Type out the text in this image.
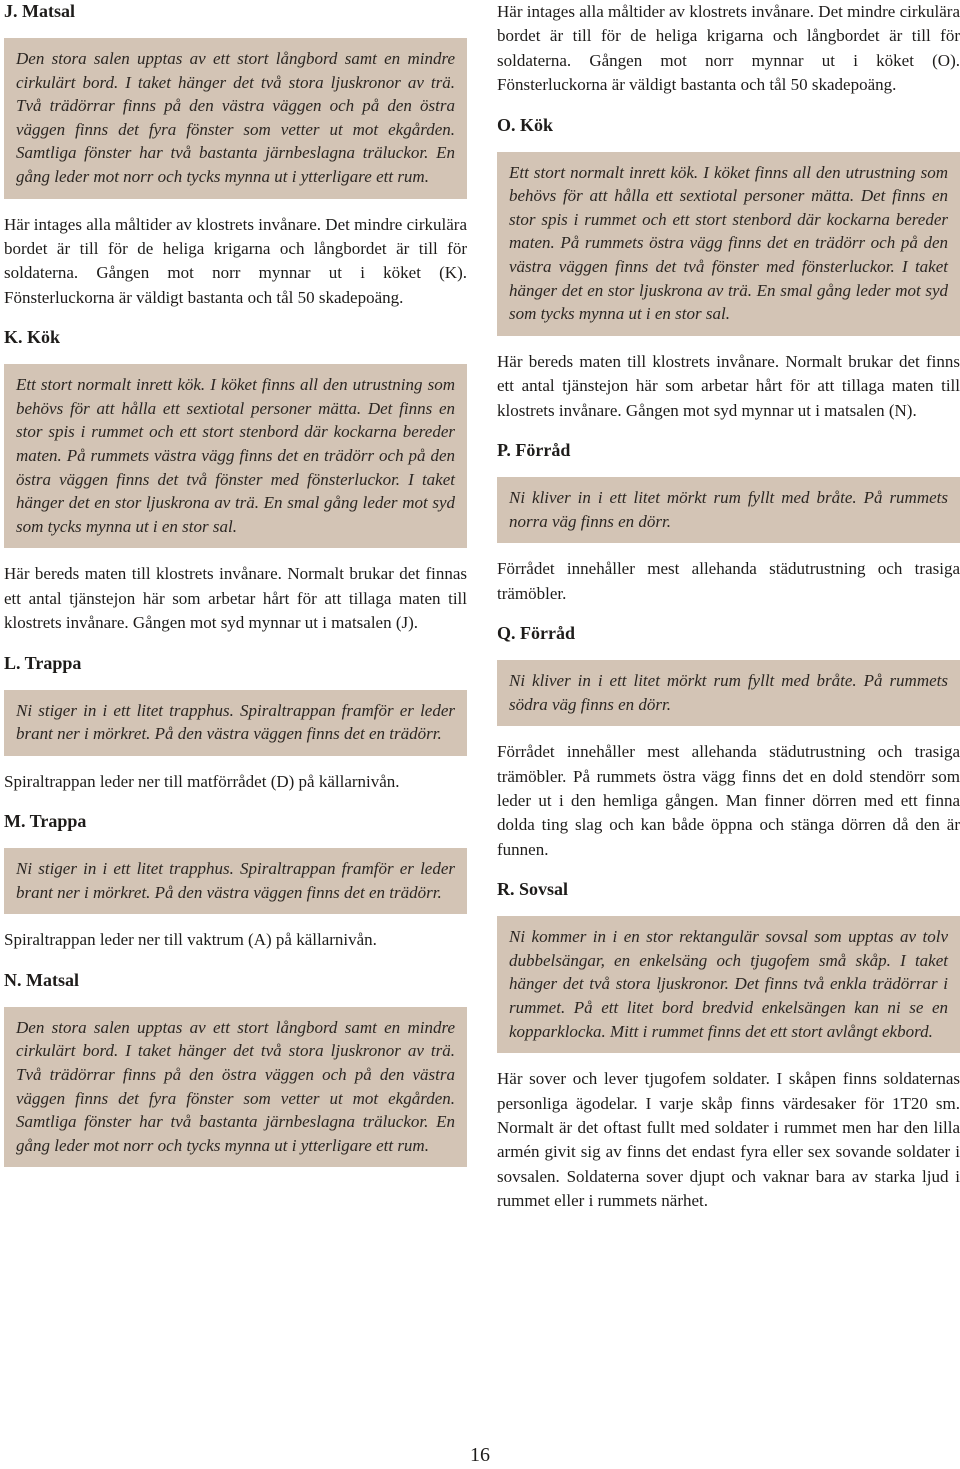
J. Matsal
Den stora salen upptas av ett stort långbord samt en mindre cirkulärt bord. I taket hänger det två stora ljuskronor av trä. Två trädörrar finns på den västra väggen och på den östra väggen finns det fyra fönster som vetter ut mot ekgården. Samtliga fönster har två bastanta järnbeslagna träluckor. En gång leder mot norr och tycks mynna ut i ytterligare ett rum.
Här intages alla måltider av klostrets invånare. Det mindre cirkulära bordet är till för de heliga krigarna och långbordet är till för soldaterna. Gången mot norr mynnar ut i köket (K). Fönsterluckorna är väldigt bastanta och tål 50 skadepoäng.
K. Kök
Ett stort normalt inrett kök. I köket finns all den utrustning som behövs för att hålla ett sextiotal personer mätta. Det finns en stor spis i rummet och ett stort stenbord där kockarna bereder maten. På rummets västra vägg finns det en trädörr och på den östra väggen finns det två fönster med fönsterluckor. I taket hänger det en stor ljuskrona av trä. En smal gång leder mot syd som tycks mynna ut i en stor sal.
Här bereds maten till klostrets invånare. Normalt brukar det finnas ett antal tjänstejon här som arbetar hårt för att tillaga maten till klostrets invånare. Gången mot syd mynnar ut i matsalen (J).
L. Trappa
Ni stiger in i ett litet trapphus. Spiraltrappan framför er leder brant ner i mörkret. På den västra väggen finns det en trädörr.
Spiraltrappan leder ner till matförrådet (D) på källarnivån.
M. Trappa
Ni stiger in i ett litet trapphus. Spiraltrappan framför er leder brant ner i mörkret. På den västra väggen finns det en trädörr.
Spiraltrappan leder ner till vaktrum (A) på källarnivån.
N. Matsal
Den stora salen upptas av ett stort långbord samt en mindre cirkulärt bord. I taket hänger det två stora ljuskronor av trä. Två trädörrar finns på den östra väggen och på den västra väggen finns det fyra fönster som vetter ut mot ekgården. Samtliga fönster har två bastanta järnbeslagna träluckor. En gång leder mot norr och tycks mynna ut i ytterligare ett rum.
Här intages alla måltider av klostrets invånare. Det mindre cirkulära bordet är till för de heliga krigarna och långbordet är till för soldaterna. Gången mot norr mynnar ut i köket (O). Fönsterluckorna är väldigt bastanta och tål 50 skadepoäng.
O. Kök
Ett stort normalt inrett kök. I köket finns all den utrustning som behövs för att hålla ett sextiotal personer mätta. Det finns en stor spis i rummet och ett stort stenbord där kockarna bereder maten. På rummets östra vägg finns det en trädörr och på den västra väggen finns det två fönster med fönsterluckor. I taket hänger det en stor ljuskrona av trä. En smal gång leder mot syd som tycks mynna ut i en stor sal.
Här bereds maten till klostrets invånare. Normalt brukar det finns ett antal tjänstejon här som arbetar hårt för att tillaga maten till klostrets invånare. Gången mot syd mynnar ut i matsalen (N).
P. Förråd
Ni kliver in i ett litet mörkt rum fyllt med bråte. På rummets norra väg finns en dörr.
Förrådet innehåller mest allehanda städutrustning och trasiga trämöbler.
Q. Förråd
Ni kliver in i ett litet mörkt rum fyllt med bråte. På rummets södra väg finns en dörr.
Förrådet innehåller mest allehanda städutrustning och trasiga trämöbler. På rummets östra vägg finns det en dold stendörr som leder ut i den hemliga gången. Man finner dörren med ett finna dolda ting slag och kan både öppna och stänga dörren då den är funnen.
R. Sovsal
Ni kommer in i en stor rektangulär sovsal som upptas av tolv dubbelsängar, en enkelsäng och tjugofem små skåp. I taket hänger det två stora ljuskronor. Det finns två enkla trädörrar i rummet. På ett litet bord bredvid enkelsängen kan ni se en kopparklocka. Mitt i rummet finns det ett stort avlångt ekbord.
Här sover och lever tjugofem soldater. I skåpen finns soldaternas personliga ägodelar. I varje skåp finns värdesaker för 1T20 sm. Normalt är det oftast fullt med soldater i rummet men har den lilla armén givit sig av finns det endast fyra eller sex sovande soldater i sovsalen. Soldaterna sover djupt och vaknar bara av starka ljud i rummet eller i rummets närhet.
16
